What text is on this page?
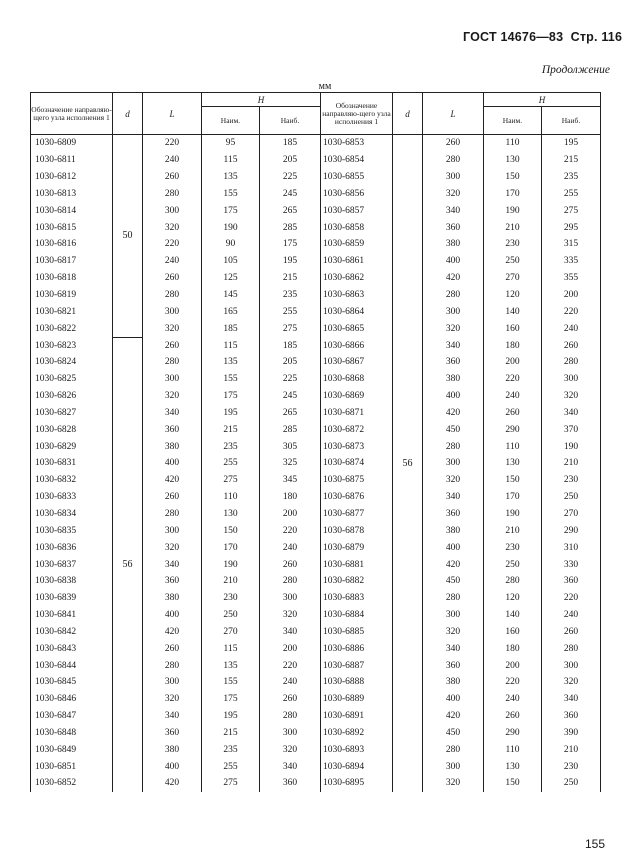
ГОСТ 14676—83 Стр. 116
Продолжение
мм
Обозначение направляю-щего узла исполнения 1	d	L	H		Обозначение направляю-щего узла исполнения 1	d	L	H	
			Наим.	Наиб.				Наим.	Наиб.
1030-6809	50	220	95	185	1030-6853	56	260	110	195
1030-6811		240	115	205	1030-6854		280	130	215
1030-6812		260	135	225	1030-6855		300	150	235
1030-6813		280	155	245	1030-6856		320	170	255
1030-6814		300	175	265	1030-6857		340	190	275
1030-6815		320	190	285	1030-6858		360	210	295
1030-6816		220	90	175	1030-6859		380	230	315
1030-6817		240	105	195	1030-6861		400	250	335
1030-6818		260	125	215	1030-6862		420	270	355
1030-6819		280	145	235	1030-6863		280	120	200
1030-6821		300	165	255	1030-6864		300	140	220
1030-6822		320	185	275	1030-6865		320	160	240
1030-6823	56	260	115	185	1030-6866		340	180	260
1030-6824		280	135	205	1030-6867		360	200	280
1030-6825		300	155	225	1030-6868		380	220	300
1030-6826		320	175	245	1030-6869		400	240	320
1030-6827		340	195	265	1030-6871		420	260	340
1030-6828		360	215	285	1030-6872		450	290	370
1030-6829		380	235	305	1030-6873		280	110	190
1030-6831		400	255	325	1030-6874		300	130	210
1030-6832		420	275	345	1030-6875		320	150	230
1030-6833		260	110	180	1030-6876		340	170	250
1030-6834		280	130	200	1030-6877		360	190	270
1030-6835		300	150	220	1030-6878		380	210	290
1030-6836		320	170	240	1030-6879		400	230	310
1030-6837		340	190	260	1030-6881		420	250	330
1030-6838		360	210	280	1030-6882		450	280	360
1030-6839		380	230	300	1030-6883		280	120	220
1030-6841		400	250	320	1030-6884		300	140	240
1030-6842		420	270	340	1030-6885		320	160	260
1030-6843		260	115	200	1030-6886		340	180	280
1030-6844		280	135	220	1030-6887		360	200	300
1030-6845		300	155	240	1030-6888		380	220	320
1030-6846		320	175	260	1030-6889		400	240	340
1030-6847		340	195	280	1030-6891		420	260	360
1030-6848		360	215	300	1030-6892		450	290	390
1030-6849		380	235	320	1030-6893		280	110	210
1030-6851		400	255	340	1030-6894		300	130	230
1030-6852		420	275	360	1030-6895		320	150	250
155
